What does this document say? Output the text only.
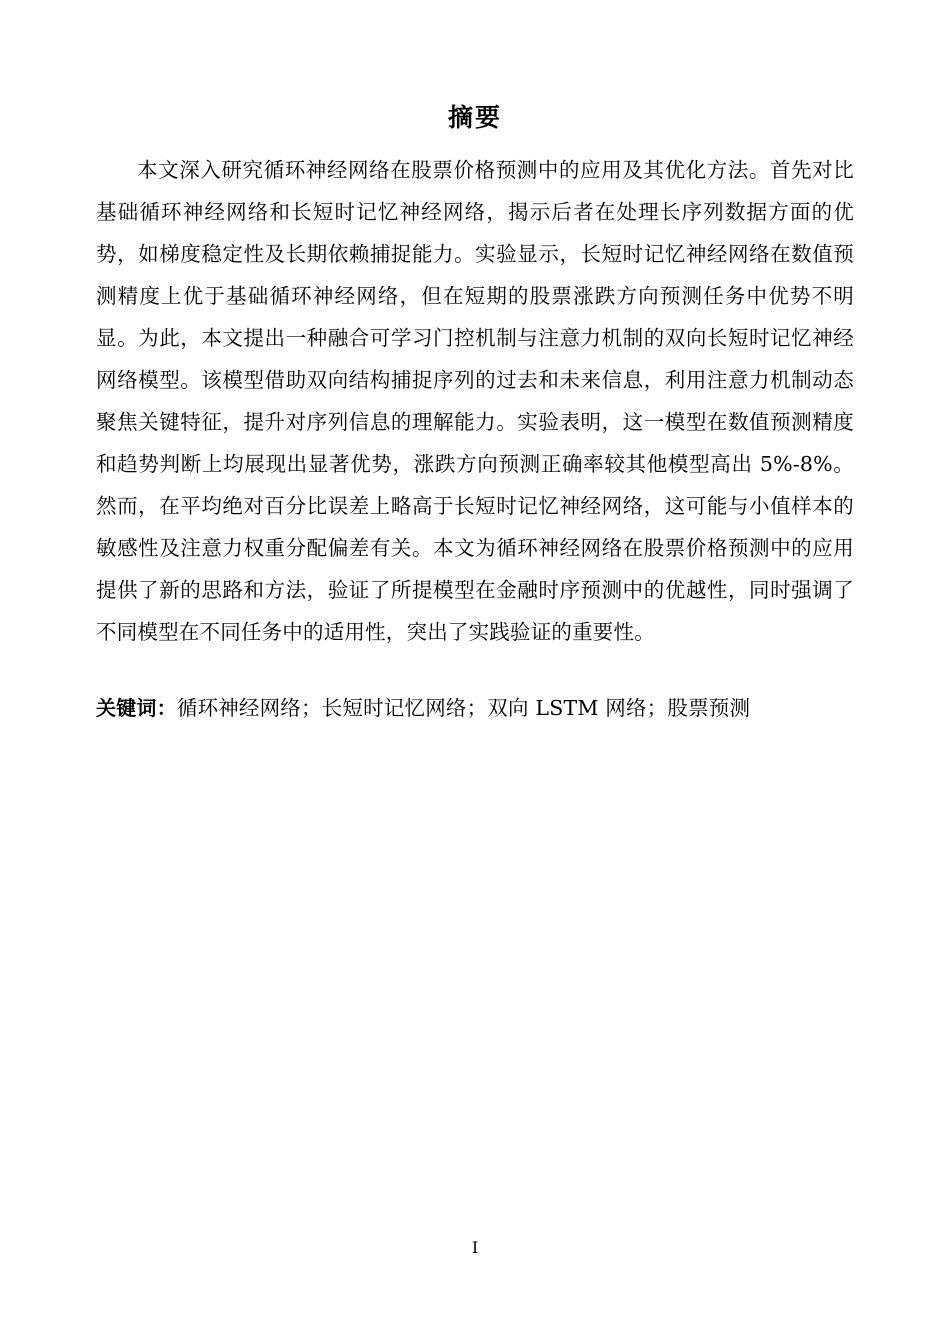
摘要

本文深入研究循环神经网络在股票价格预测中的应用及其优化方法。首先对比基础循环神经网络和长短时记忆神经网络，揭示后者在处理长序列数据方面的优势，如梯度稳定性及长期依赖捕捉能力。实验显示，长短时记忆神经网络在数值预测精度上优于基础循环神经网络，但在短期的股票涨跌方向预测任务中优势不明显。为此，本文提出一种融合可学习门控机制与注意力机制的双向长短时记忆神经网络模型。该模型借助双向结构捕捉序列的过去和未来信息，利用注意力机制动态聚焦关键特征，提升对序列信息的理解能力。实验表明，这一模型在数值预测精度和趋势判断上均展现出显著优势，涨跌方向预测正确率较其他模型高出 5%-8%。然而，在平均绝对百分比误差上略高于长短时记忆神经网络，这可能与小值样本的敏感性及注意力权重分配偏差有关。本文为循环神经网络在股票价格预测中的应用提供了新的思路和方法，验证了所提模型在金融时序预测中的优越性，同时强调了不同模型在不同任务中的适用性，突出了实践验证的重要性。

关键词：循环神经网络；长短时记忆网络；双向 LSTM 网络；股票预测
I
